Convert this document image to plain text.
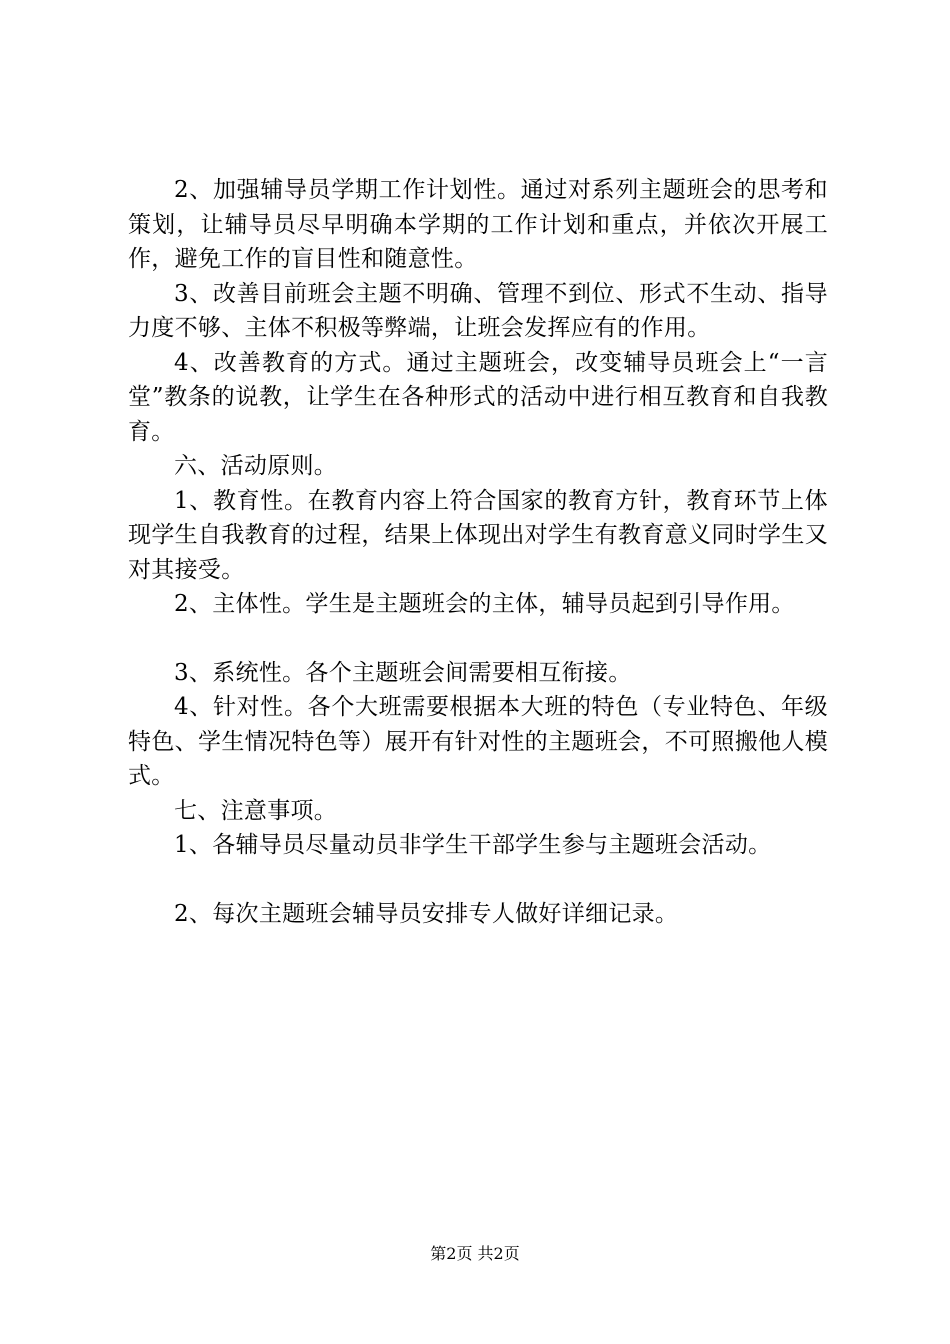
2、加强辅导员学期工作计划性。通过对系列主题班会的思考和策划，让辅导员尽早明确本学期的工作计划和重点，并依次开展工作，避免工作的盲目性和随意性。

3、改善目前班会主题不明确、管理不到位、形式不生动、指导力度不够、主体不积极等弊端，让班会发挥应有的作用。

4、改善教育的方式。通过主题班会，改变辅导员班会上“一言堂”教条的说教，让学生在各种形式的活动中进行相互教育和自我教育。

六、活动原则。

1、教育性。在教育内容上符合国家的教育方针，教育环节上体现学生自我教育的过程，结果上体现出对学生有教育意义同时学生又对其接受。

2、主体性。学生是主题班会的主体，辅导员起到引导作用。

3、系统性。各个主题班会间需要相互衔接。

4、针对性。各个大班需要根据本大班的特色（专业特色、年级特色、学生情况特色等）展开有针对性的主题班会，不可照搬他人模式。

七、注意事项。

1、各辅导员尽量动员非学生干部学生参与主题班会活动。

2、每次主题班会辅导员安排专人做好详细记录。

第2页 共2页
